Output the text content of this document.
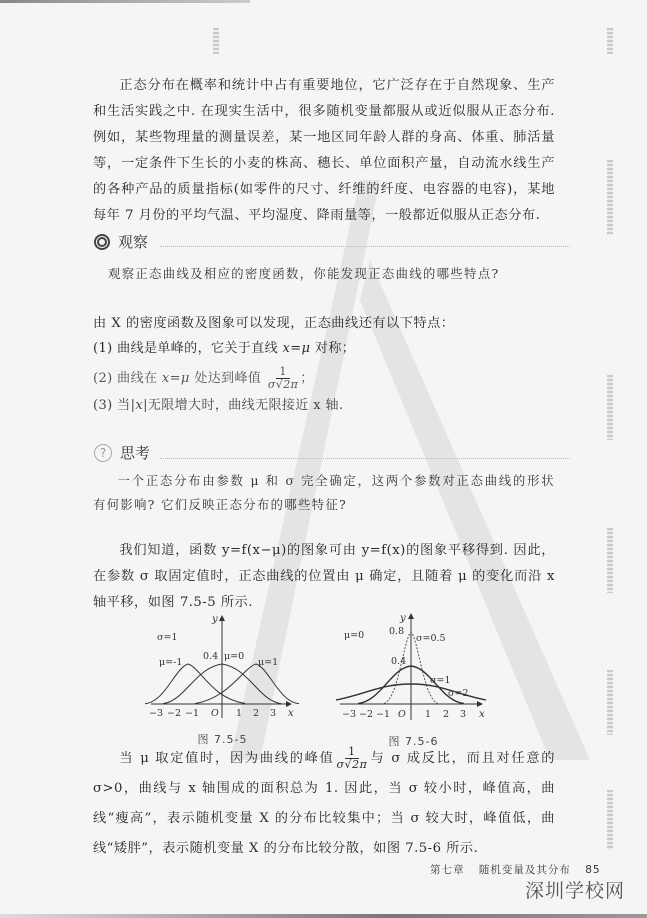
正态分布在概率和统计中占有重要地位，它广泛存在于自然现象、生产和生活实践之中. 在现实生活中，很多随机变量都服从或近似服从正态分布. 例如，某些物理量的测量误差，某一地区同年龄人群的身高、体重、肺活量等，一定条件下生长的小麦的株高、穗长、单位面积产量，自动流水线生产的各种产品的质量指标(如零件的尺寸、纤维的纤度、电容器的电容)，某地每年 7 月份的平均气温、平均湿度、降雨量等，一般都近似服从正态分布.
观察
观察正态曲线及相应的密度函数，你能发现正态曲线的哪些特点?
由 X 的密度函数及图象可以发现，正态曲线还有以下特点：
(1) 曲线是单峰的，它关于直线 x=μ 对称；
(2) 曲线在 x=μ 处达到峰值 $\frac{1}{\sigma√2\pi}$ ；
(3) 当|x|无限增大时，曲线无限接近 x 轴.
? 思考
一个正态分布由参数 μ 和 σ 完全确定，这两个参数对正态曲线的形状有何影响? 它们反映正态分布的哪些特征?
我们知道，函数 y=f(x−μ)的图象可由 y=f(x)的图象平移得到. 因此，在参数 σ 取固定值时，正态曲线的位置由 μ 确定，且随着 μ 的变化而沿 x 轴平移，如图 7.5-5 所示.
y
x
σ=1
μ=-1
0.4 μ=0
μ=1
−3 −2 −1 O 1 2 3
图 7.5-5
y
x
μ=0	0.8
σ=0.5
0.4
σ=1
σ=2
−3 −2 −1 O 1 2 3
图 7.5-6
当 μ 取定值时，因为曲线的峰值 $\frac{1}{\sigma√2\pi}$ 与 σ 成反比，而且对任意的 σ>0，曲线与 x 轴围成的面积总为 1. 因此，当 σ 较小时，峰值高，曲线“瘦高”，表示随机变量 X 的分布比较集中；当 σ 较大时，峰值低，曲线“矮胖”，表示随机变量 X 的分布比较分散，如图 7.5-6 所示.
第七章 随机变量及其分布 85
深圳学校网
